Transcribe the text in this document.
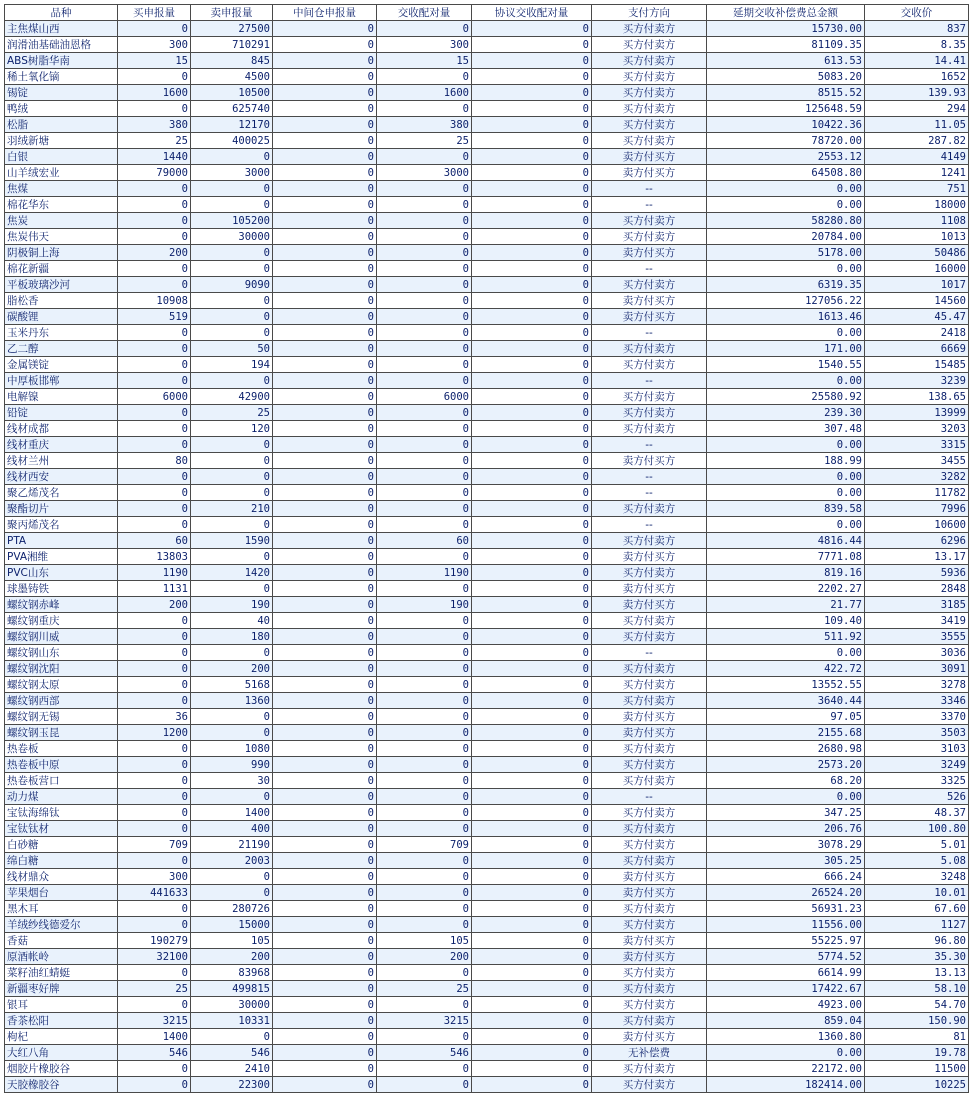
品种	买申报量	卖申报量	中间仓申报量	交收配对量	协议交收配对量	支付方向	延期交收补偿费总金额	交收价
主焦煤山西	0	27500	0	0	0	买方付卖方	15730.00	837
润滑油基础油恩格	300	710291	0	300	0	买方付卖方	81109.35	8.35
ABS树脂华南	15	845	0	15	0	买方付卖方	613.53	14.41
稀土氧化镝	0	4500	0	0	0	买方付卖方	5083.20	1652
锡锭	1600	10500	0	1600	0	买方付卖方	8515.52	139.93
鸭绒	0	625740	0	0	0	买方付卖方	125648.59	294
松脂	380	12170	0	380	0	买方付卖方	10422.36	11.05
羽绒新塘	25	400025	0	25	0	买方付卖方	78720.00	287.82
白银	1440	0	0	0	0	卖方付买方	2553.12	4149
山羊绒宏业	79000	3000	0	3000	0	卖方付买方	64508.80	1241
焦煤	0	0	0	0	0	--	0.00	751
棉花华东	0	0	0	0	0	--	0.00	18000
焦炭	0	105200	0	0	0	买方付卖方	58280.80	1108
焦炭伟天	0	30000	0	0	0	买方付卖方	20784.00	1013
阴极铜上海	200	0	0	0	0	卖方付买方	5178.00	50486
棉花新疆	0	0	0	0	0	--	0.00	16000
平板玻璃沙河	0	9090	0	0	0	买方付卖方	6319.35	1017
脂松香	10908	0	0	0	0	卖方付买方	127056.22	14560
碳酸锂	519	0	0	0	0	卖方付买方	1613.46	45.47
玉米丹东	0	0	0	0	0	--	0.00	2418
乙二醇	0	50	0	0	0	买方付卖方	171.00	6669
金属镁锭	0	194	0	0	0	买方付卖方	1540.55	15485
中厚板邯郸	0	0	0	0	0	--	0.00	3239
电解镍	6000	42900	0	6000	0	买方付卖方	25580.92	138.65
铅锭	0	25	0	0	0	买方付卖方	239.30	13999
线材成都	0	120	0	0	0	买方付卖方	307.48	3203
线材重庆	0	0	0	0	0	--	0.00	3315
线材兰州	80	0	0	0	0	卖方付买方	188.99	3455
线材西安	0	0	0	0	0	--	0.00	3282
聚乙烯茂名	0	0	0	0	0	--	0.00	11782
聚酯切片	0	210	0	0	0	买方付卖方	839.58	7996
聚丙烯茂名	0	0	0	0	0	--	0.00	10600
PTA	60	1590	0	60	0	买方付卖方	4816.44	6296
PVA湘维	13803	0	0	0	0	卖方付买方	7771.08	13.17
PVC山东	1190	1420	0	1190	0	买方付卖方	819.16	5936
球墨铸铁	1131	0	0	0	0	卖方付买方	2202.27	2848
螺纹钢赤峰	200	190	0	190	0	卖方付买方	21.77	3185
螺纹钢重庆	0	40	0	0	0	买方付卖方	109.40	3419
螺纹钢川威	0	180	0	0	0	买方付卖方	511.92	3555
螺纹钢山东	0	0	0	0	0	--	0.00	3036
螺纹钢沈阳	0	200	0	0	0	买方付卖方	422.72	3091
螺纹钢太原	0	5168	0	0	0	买方付卖方	13552.55	3278
螺纹钢西部	0	1360	0	0	0	买方付卖方	3640.44	3346
螺纹钢无锡	36	0	0	0	0	卖方付买方	97.05	3370
螺纹钢玉昆	1200	0	0	0	0	卖方付买方	2155.68	3503
热卷板	0	1080	0	0	0	买方付卖方	2680.98	3103
热卷板中原	0	990	0	0	0	买方付卖方	2573.20	3249
热卷板营口	0	30	0	0	0	买方付卖方	68.20	3325
动力煤	0	0	0	0	0	--	0.00	526
宝钛海绵钛	0	1400	0	0	0	买方付卖方	347.25	48.37
宝钛钛材	0	400	0	0	0	买方付卖方	206.76	100.80
白砂糖	709	21190	0	709	0	买方付卖方	3078.29	5.01
绵白糖	0	2003	0	0	0	买方付卖方	305.25	5.08
线材鼎众	300	0	0	0	0	卖方付买方	666.24	3248
苹果烟台	441633	0	0	0	0	卖方付买方	26524.20	10.01
黑木耳	0	280726	0	0	0	买方付卖方	56931.23	67.60
羊绒纱线德爱尔	0	15000	0	0	0	买方付卖方	11556.00	1127
香菇	190279	105	0	105	0	卖方付买方	55225.97	96.80
原酒帐岭	32100	200	0	200	0	卖方付买方	5774.52	35.30
菜籽油红蜻蜓	0	83968	0	0	0	买方付卖方	6614.99	13.13
新疆枣好牌	25	499815	0	25	0	买方付卖方	17422.67	58.10
银耳	0	30000	0	0	0	买方付卖方	4923.00	54.70
香茶松阳	3215	10331	0	3215	0	买方付卖方	859.04	150.90
枸杞	1400	0	0	0	0	卖方付买方	1360.80	81
大红八角	546	546	0	546	0	无补偿费	0.00	19.78
烟胶片橡胶谷	0	2410	0	0	0	买方付卖方	22172.00	11500
天胶橡胶谷	0	22300	0	0	0	买方付卖方	182414.00	10225
